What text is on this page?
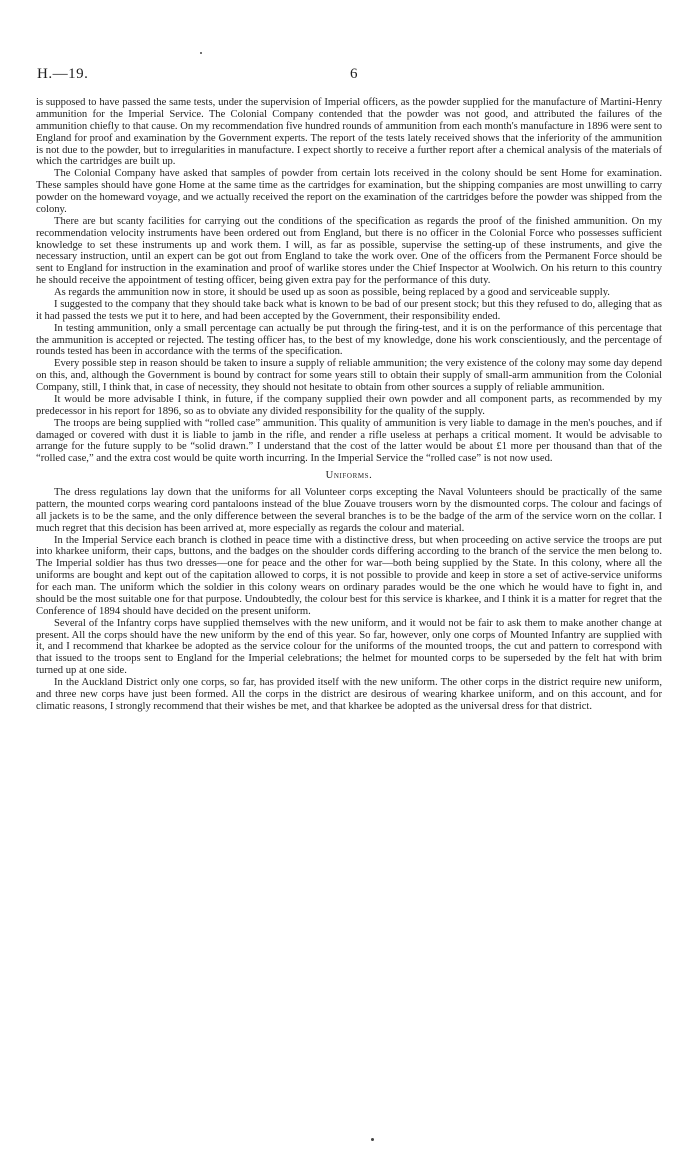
H.—19.	6

is supposed to have passed the same tests, under the supervision of Imperial officers, as the powder supplied for the manufacture of Martini-Henry ammunition for the Imperial Service. The Colonial Company contended that the powder was not good, and attributed the failures of the ammunition chiefly to that cause. On my recommendation five hundred rounds of ammunition from each month's manufacture in 1896 were sent to England for proof and examination by the Government experts. The report of the tests lately received shows that the inferiority of the ammunition is not due to the powder, but to irregularities in manufacture. I expect shortly to receive a further report after a chemical analysis of the materials of which the cartridges are built up.

The Colonial Company have asked that samples of powder from certain lots received in the colony should be sent Home for examination. These samples should have gone Home at the same time as the cartridges for examination, but the shipping companies are most unwilling to carry powder on the homeward voyage, and we actually received the report on the examination of the cartridges before the powder was shipped from the colony.

There are but scanty facilities for carrying out the conditions of the specification as regards the proof of the finished ammunition. On my recommendation velocity instruments have been ordered out from England, but there is no officer in the Colonial Force who possesses sufficient knowledge to set these instruments up and work them. I will, as far as possible, supervise the setting-up of these instruments, and give the necessary instruction, until an expert can be got out from England to take the work over. One of the officers from the Permanent Force should be sent to England for instruction in the examination and proof of warlike stores under the Chief Inspector at Woolwich. On his return to this country he should receive the appointment of testing officer, being given extra pay for the performance of this duty.

As regards the ammunition now in store, it should be used up as soon as possible, being replaced by a good and serviceable supply.

I suggested to the company that they should take back what is known to be bad of our present stock; but this they refused to do, alleging that as it had passed the tests we put it to here, and had been accepted by the Government, their responsibility ended.

In testing ammunition, only a small percentage can actually be put through the firing-test, and it is on the performance of this percentage that the ammunition is accepted or rejected. The testing officer has, to the best of my knowledge, done his work conscientiously, and the percentage of rounds tested has been in accordance with the terms of the specification.

Every possible step in reason should be taken to insure a supply of reliable ammunition; the very existence of the colony may some day depend on this, and, although the Government is bound by contract for some years still to obtain their supply of small-arm ammunition from the Colonial Company, still, I think that, in case of necessity, they should not hesitate to obtain from other sources a supply of reliable ammunition.

It would be more advisable I think, in future, if the company supplied their own powder and all component parts, as recommended by my predecessor in his report for 1896, so as to obviate any divided responsibility for the quality of the supply.

The troops are being supplied with “rolled case” ammunition. This quality of ammunition is very liable to damage in the men's pouches, and if damaged or covered with dust it is liable to jamb in the rifle, and render a rifle useless at perhaps a critical moment. It would be advisable to arrange for the future supply to be “solid drawn.” I understand that the cost of the latter would be about £1 more per thousand than that of the “rolled case,” and the extra cost would be quite worth incurring. In the Imperial Service the “rolled case” is not now used.

Uniforms.

The dress regulations lay down that the uniforms for all Volunteer corps excepting the Naval Volunteers should be practically of the same pattern, the mounted corps wearing cord pantaloons instead of the blue Zouave trousers worn by the dismounted corps. The colour and facings of all jackets is to be the same, and the only difference between the several branches is to be the badge of the arm of the service worn on the collar. I much regret that this decision has been arrived at, more especially as regards the colour and material.

In the Imperial Service each branch is clothed in peace time with a distinctive dress, but when proceeding on active service the troops are put into kharkee uniform, their caps, buttons, and the badges on the shoulder cords differing according to the branch of the service the men belong to. The Imperial soldier has thus two dresses—one for peace and the other for war—both being supplied by the State. In this colony, where all the uniforms are bought and kept out of the capitation allowed to corps, it is not possible to provide and keep in store a set of active-service uniforms for each man. The uniform which the soldier in this colony wears on ordinary parades would be the one which he would have to fight in, and should be the most suitable one for that purpose. Undoubtedly, the colour best for this service is kharkee, and I think it is a matter for regret that the Conference of 1894 should have decided on the present uniform.

Several of the Infantry corps have supplied themselves with the new uniform, and it would not be fair to ask them to make another change at present. All the corps should have the new uniform by the end of this year. So far, however, only one corps of Mounted Infantry are supplied with it, and I recommend that kharkee be adopted as the service colour for the uniforms of the mounted troops, the cut and pattern to correspond with that issued to the troops sent to England for the Imperial celebrations; the helmet for mounted corps to be superseded by the felt hat with brim turned up at one side.

In the Auckland District only one corps, so far, has provided itself with the new uniform. The other corps in the district require new uniform, and three new corps have just been formed. All the corps in the district are desirous of wearing kharkee uniform, and on this account, and for climatic reasons, I strongly recommend that their wishes be met, and that kharkee be adopted as the universal dress for that district.
